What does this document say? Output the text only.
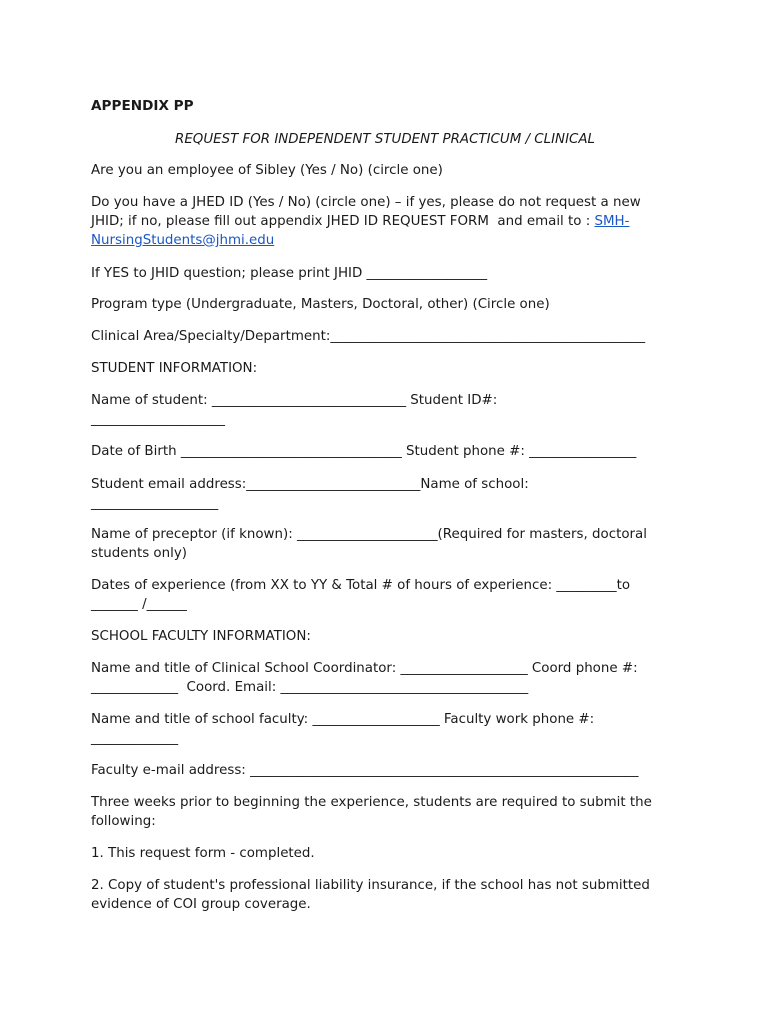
APPENDIX PP
REQUEST FOR INDEPENDENT STUDENT PRACTICUM / CLINICAL
Are you an employee of Sibley (Yes / No) (circle one)
Do you have a JHED ID (Yes / No) (circle one) – if yes, please do not request a new
JHID; if no, please fill out appendix JHED ID REQUEST FORM  and email to : SMH-
NursingStudents@jhmi.edu
If YES to JHID question; please print JHID __________________
Program type (Undergraduate, Masters, Doctoral, other) (Circle one)
Clinical Area/Specialty/Department:_______________________________________________
STUDENT INFORMATION:
Name of student: _____________________________ Student ID#:
____________________
Date of Birth _________________________________ Student phone #: ________________
Student email address:__________________________Name of school:
___________________
Name of preceptor (if known): _____________________(Required for masters, doctoral
students only)
Dates of experience (from XX to YY & Total # of hours of experience: _________to
_______ /______
SCHOOL FACULTY INFORMATION:
Name and title of Clinical School Coordinator: ___________________ Coord phone #:
_____________  Coord. Email: _____________________________________
Name and title of school faculty: ___________________ Faculty work phone #:
_____________
Faculty e-mail address: __________________________________________________________
Three weeks prior to beginning the experience, students are required to submit the
following:
1. This request form - completed.
2. Copy of student's professional liability insurance, if the school has not submitted
evidence of COI group coverage.
